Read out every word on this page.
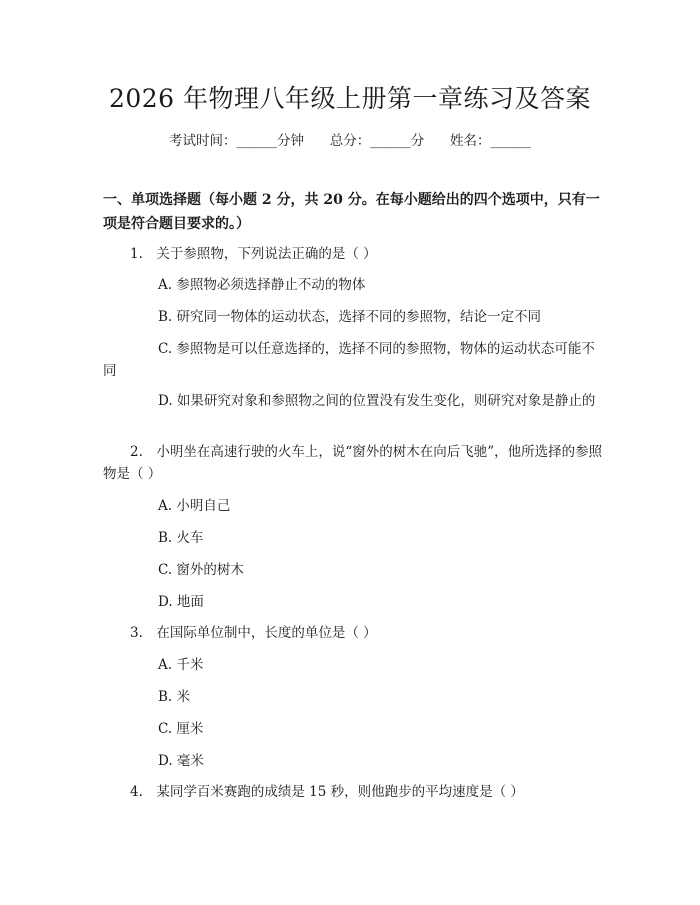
2026 年物理八年级上册第一章练习及答案
考试时间：______分钟      总分：______分      姓名：______
一、单项选择题（每小题 2 分，共 20 分。在每小题给出的四个选项中，只有一项是符合题目要求的。）
1.　关于参照物，下列说法正确的是（ ）
A. 参照物必须选择静止不动的物体
B. 研究同一物体的运动状态，选择不同的参照物，结论一定不同
C. 参照物是可以任意选择的，选择不同的参照物，物体的运动状态可能不同
D. 如果研究对象和参照物之间的位置没有发生变化，则研究对象是静止的
2.　小明坐在高速行驶的火车上，说“窗外的树木在向后飞驰”，他所选择的参照物是（ ）
A. 小明自己
B. 火车
C. 窗外的树木
D. 地面
3.　在国际单位制中，长度的单位是（ ）
A. 千米
B. 米
C. 厘米
D. 毫米
4.　某同学百米赛跑的成绩是 15 秒，则他跑步的平均速度是（ ）
